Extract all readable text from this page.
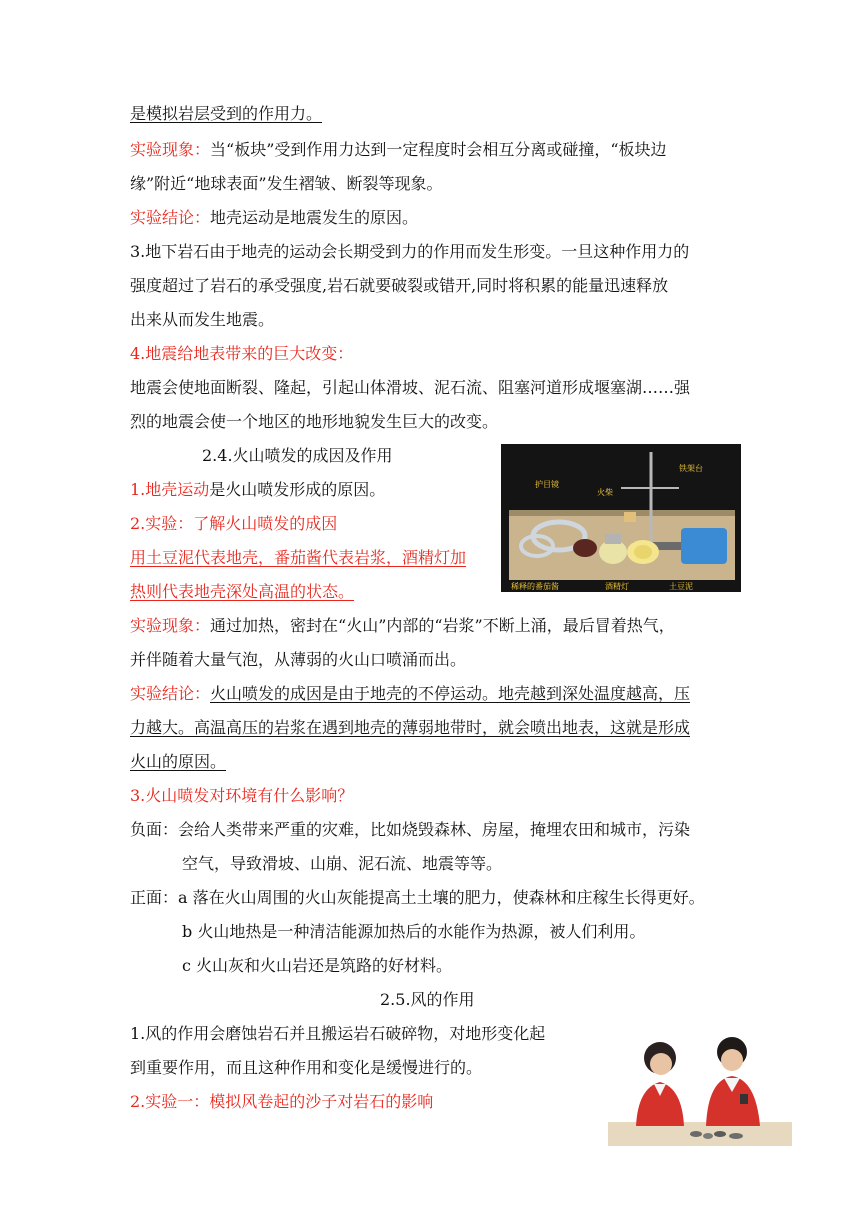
是模拟岩层受到的作用力。
实验现象：当“板块”受到作用力达到一定程度时会相互分离或碰撞，“板块边
缘”附近“地球表面”发生褶皱、断裂等现象。
实验结论：地壳运动是地震发生的原因。
3.地下岩石由于地壳的运动会长期受到力的作用而发生形变。一旦这种作用力的
强度超过了岩石的承受强度,岩石就要破裂或错开,同时将积累的能量迅速释放
出来从而发生地震。
4.地震给地表带来的巨大改变：
地震会使地面断裂、隆起，引起山体滑坡、泥石流、阻塞河道形成堰塞湖……强
烈的地震会使一个地区的地形地貌发生巨大的改变。
2.4.火山喷发的成因及作用
1.地壳运动是火山喷发形成的原因。
2.实验：了解火山喷发的成因
用土豆泥代表地壳，番茄酱代表岩浆，酒精灯加
热则代表地壳深处高温的状态。
护目镜
火柴
铁架台
稀释的番茄酱	酒精灯	土豆泥
实验现象：通过加热，密封在“火山”内部的“岩浆”不断上涌，最后冒着热气，
并伴随着大量气泡，从薄弱的火山口喷涌而出。
实验结论：火山喷发的成因是由于地壳的不停运动。地壳越到深处温度越高，压
力越大。高温高压的岩浆在遇到地壳的薄弱地带时，就会喷出地表，这就是形成
火山的原因。
3.火山喷发对环境有什么影响？
负面：会给人类带来严重的灾难，比如烧毁森林、房屋，掩埋农田和城市，污染
空气，导致滑坡、山崩、泥石流、地震等等。
正面：a 落在火山周围的火山灰能提高土土壤的肥力，使森林和庄稼生长得更好。
b 火山地热是一种清洁能源加热后的水能作为热源，被人们利用。
c 火山灰和火山岩还是筑路的好材料。
2.5.风的作用
1.风的作用会磨蚀岩石并且搬运岩石破碎物，对地形变化起
到重要作用，而且这种作用和变化是缓慢进行的。
2.实验一：模拟风卷起的沙子对岩石的影响
